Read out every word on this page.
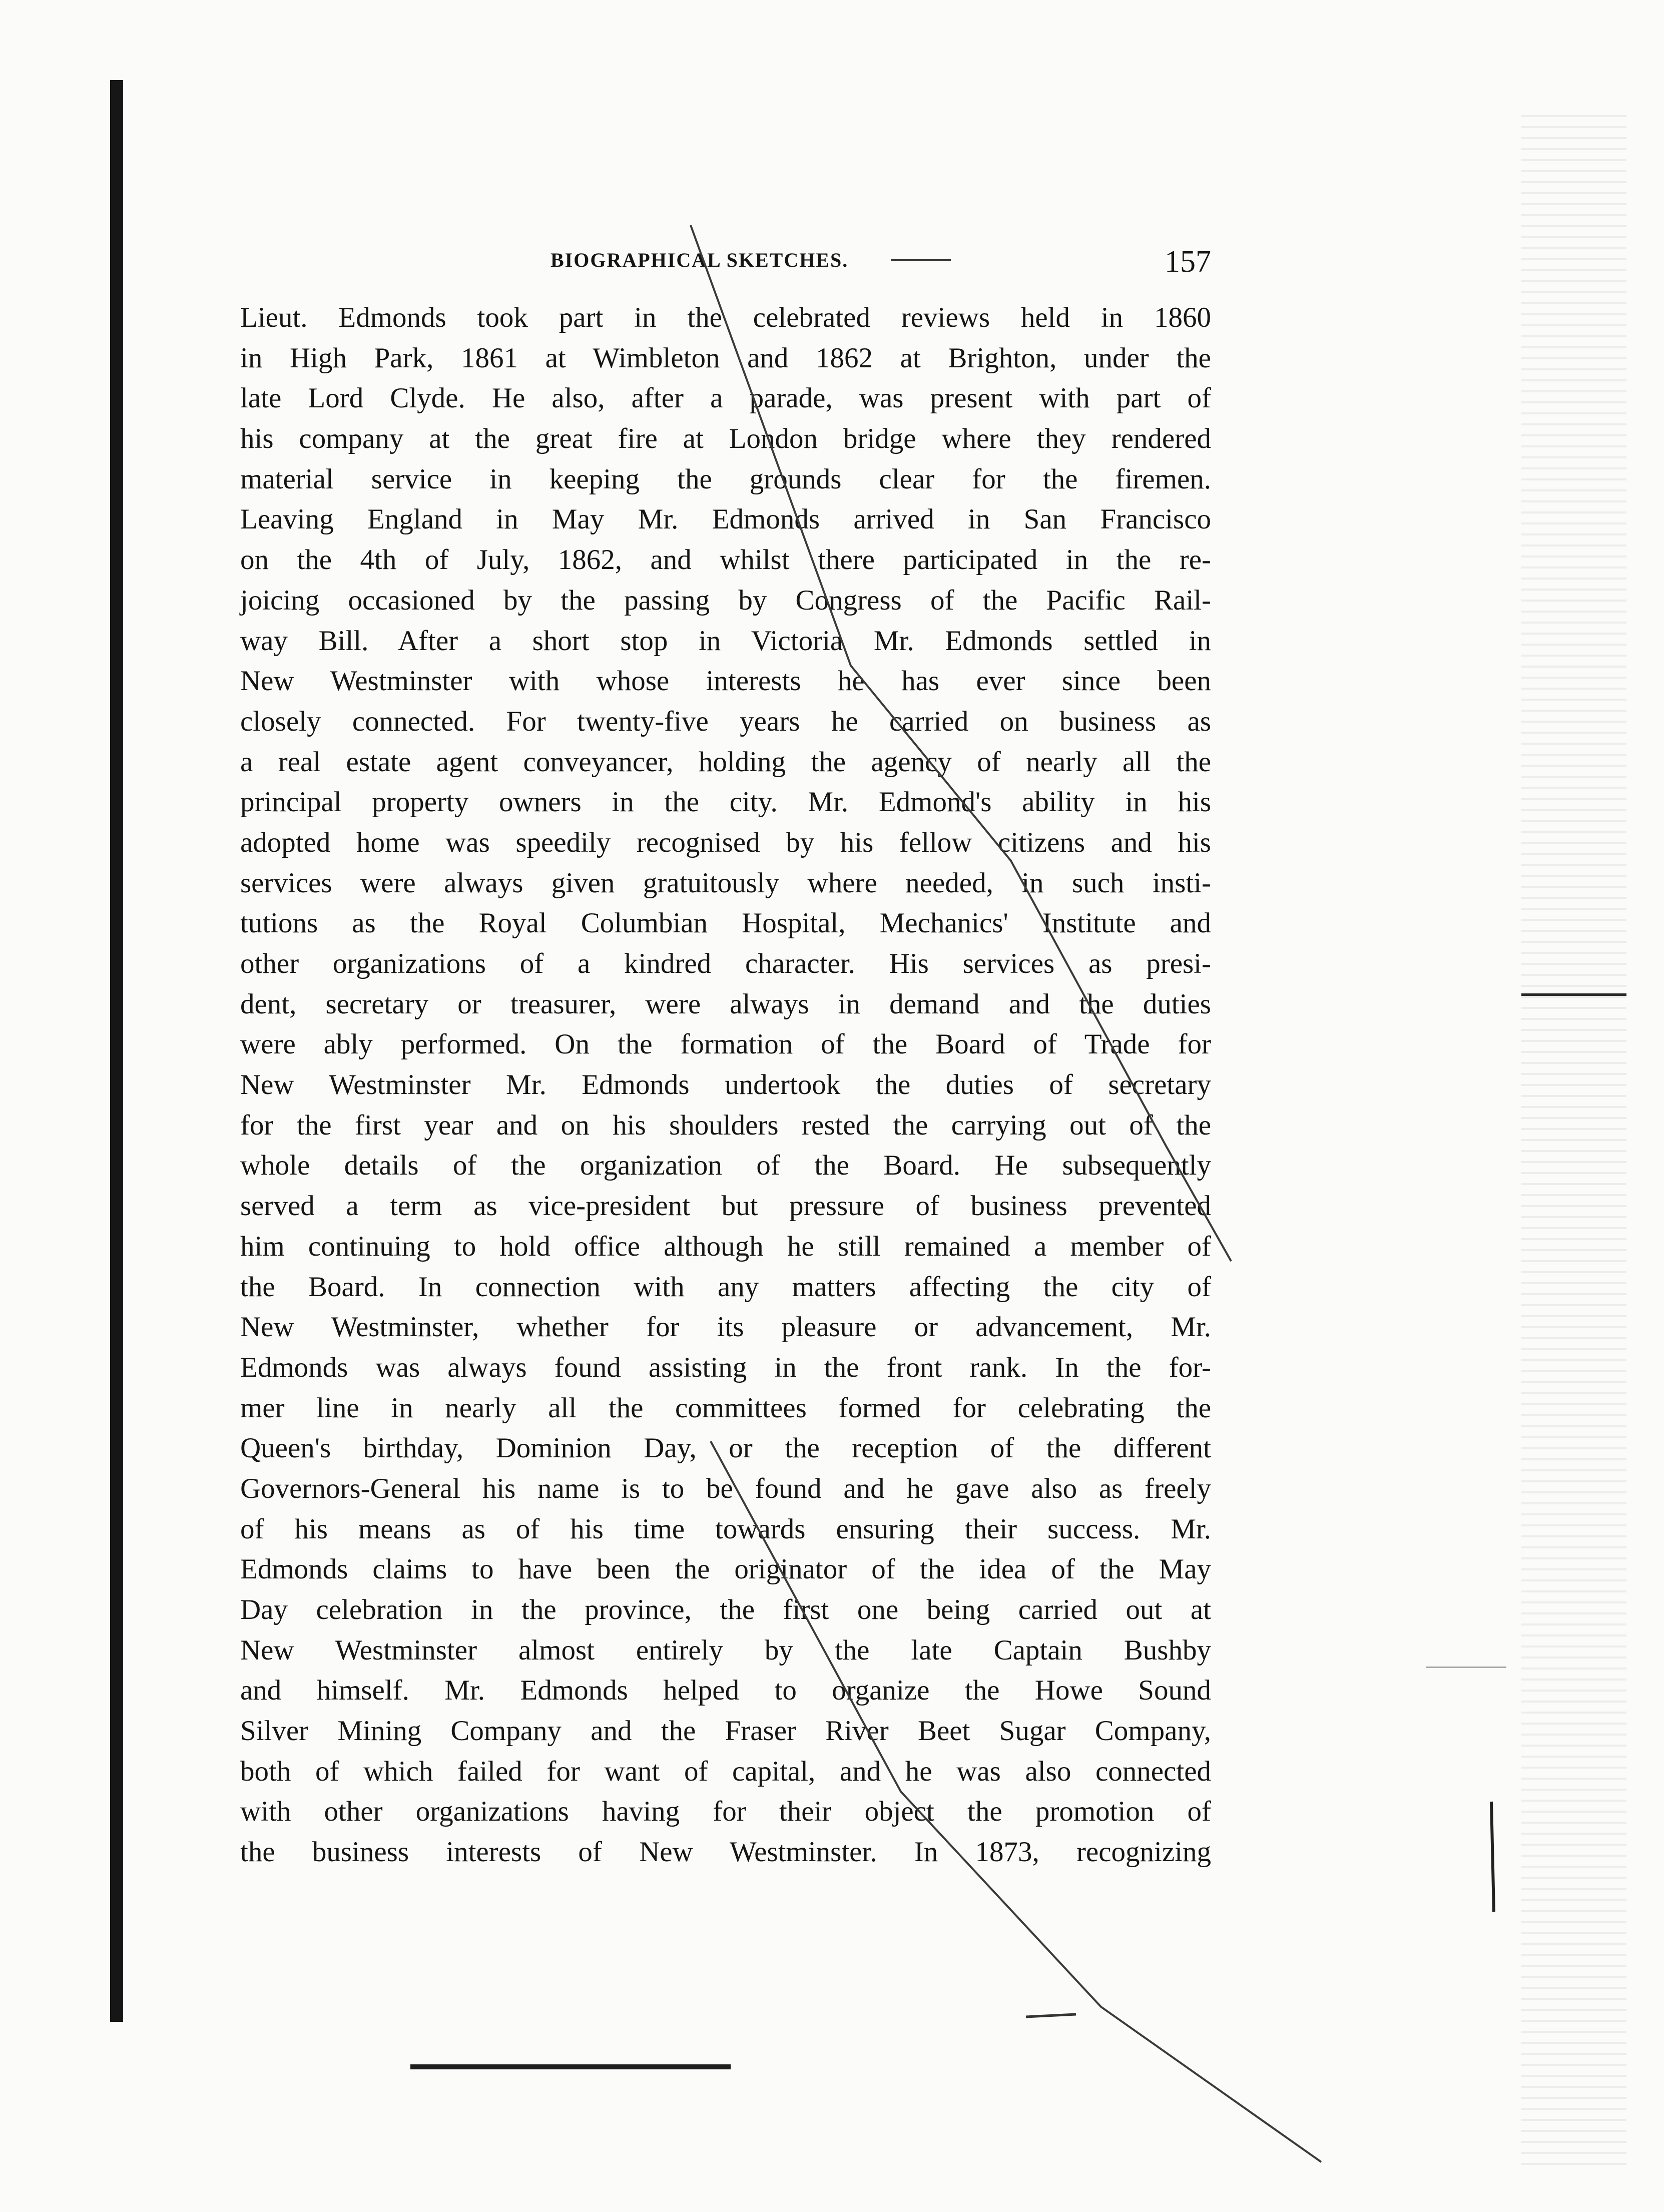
BIOGRAPHICAL SKETCHES.	157
Lieut. Edmonds took part in the celebrated reviews held in 1860
in High Park, 1861 at Wimbleton and 1862 at Brighton, under the
late Lord Clyde. He also, after a parade, was present with part of
his company at the great fire at London bridge where they rendered
material service in keeping the grounds clear for the firemen.
Leaving England in May Mr. Edmonds arrived in San Francisco
on the 4th of July, 1862, and whilst there participated in the re-
joicing occasioned by the passing by Congress of the Pacific Rail-
way Bill. After a short stop in Victoria Mr. Edmonds settled in
New Westminster with whose interests he has ever since been
closely connected. For twenty-five years he carried on business as
a real estate agent conveyancer, holding the agency of nearly all the
principal property owners in the city. Mr. Edmond's ability in his
adopted home was speedily recognised by his fellow citizens and his
services were always given gratuitously where needed, in such insti-
tutions as the Royal Columbian Hospital, Mechanics' Institute and
other organizations of a kindred character. His services as presi-
dent, secretary or treasurer, were always in demand and the duties
were ably performed. On the formation of the Board of Trade for
New Westminster Mr. Edmonds undertook the duties of secretary
for the first year and on his shoulders rested the carrying out of the
whole details of the organization of the Board. He subsequently
served a term as vice-president but pressure of business prevented
him continuing to hold office although he still remained a member of
the Board. In connection with any matters affecting the city of
New Westminster, whether for its pleasure or advancement, Mr.
Edmonds was always found assisting in the front rank. In the for-
mer line in nearly all the committees formed for celebrating the
Queen's birthday, Dominion Day, or the reception of the different
Governors-General his name is to be found and he gave also as freely
of his means as of his time towards ensuring their success. Mr.
Edmonds claims to have been the originator of the idea of the May
Day celebration in the province, the first one being carried out at
New Westminster almost entirely by the late Captain Bushby
and himself. Mr. Edmonds helped to organize the Howe Sound
Silver Mining Company and the Fraser River Beet Sugar Company,
both of which failed for want of capital, and he was also connected
with other organizations having for their object the promotion of
the business interests of New Westminster. In 1873, recognizing
